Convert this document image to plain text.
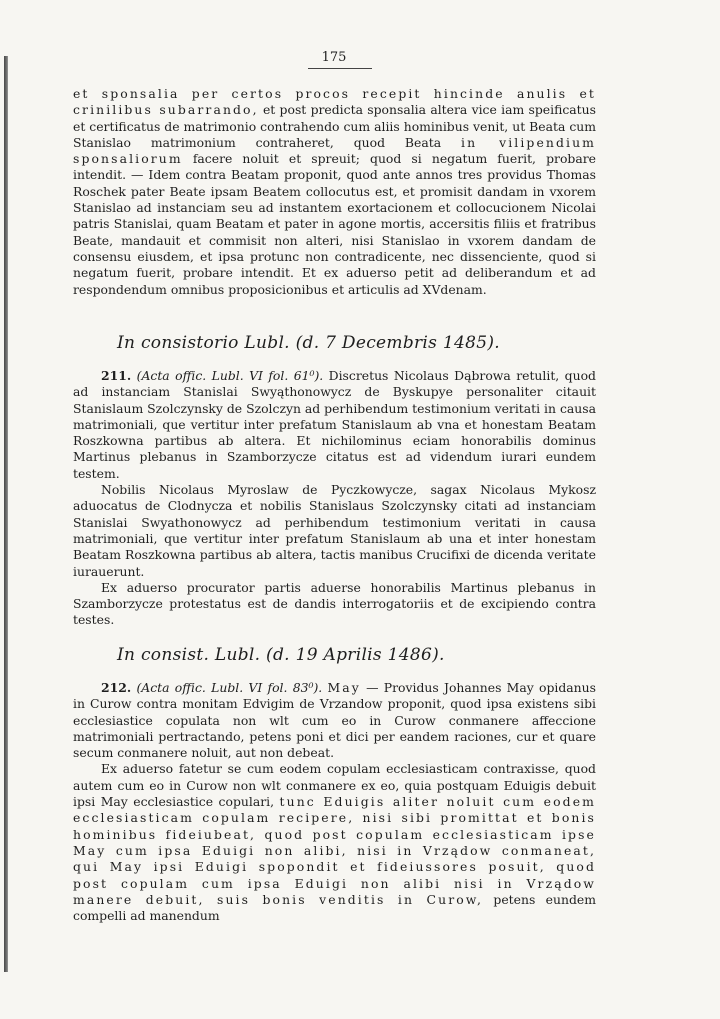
175

et sponsalia per certos procos recepit hincinde anulis et crinilibus subarrando, et post predicta sponsalia altera vice iam speificatus et certificatus de matrimonio contrahendo cum aliis hominibus venit, ut Beata cum Stanislao matrimonium contraheret, quod Beata in vilipendium sponsaliorum facere noluit et spreuit; quod si negatum fuerit, probare intendit. — Idem contra Beatam proponit, quod ante annos tres providus Thomas Roschek pater Beate ipsam Beatem collocutus est, et promisit dandam in vxorem Stanislao ad instanciam seu ad instantem exortacionem et collocucionem Nicolai patris Stanislai, quam Beatam et pater in agone mortis, accersitis filiis et fratribus Beate, mandauit et commisit non alteri, nisi Stanislao in vxorem dandam de consensu eiusdem, et ipsa protunc non contradicente, nec dissenciente, quod si negatum fuerit, probare intendit. Et ex aduerso petit ad deliberandum et ad respondendum omnibus proposicionibus et articulis ad XVdenam.

In consistorio Lubl. (d. 7 Decembris 1485).

211. (Acta offic. Lubl. VI fol. 61⁰). Discretus Nicolaus Dąbrowa retulit, quod ad instanciam Stanislai Swyąthonowycz de Byskupye personaliter citauit Stanislaum Szolczynsky de Szolczyn ad perhibendum testimonium veritati in causa matrimoniali, que vertitur inter prefatum Stanislaum ab vna et honestam Beatam Roszkowna partibus ab altera. Et nichilominus eciam honorabilis dominus Martinus plebanus in Szamborzycze citatus est ad videndum iurari eundem testem.

Nobilis Nicolaus Myroslaw de Pyczkowycze, sagax Nicolaus Mykosz aduocatus de Clodnycza et nobilis Stanislaus Szolczynsky citati ad instanciam Stanislai Swyathonowycz ad perhibendum testimonium veritati in causa matrimoniali, que vertitur inter prefatum Stanislaum ab una et inter honestam Beatam Roszkowna partibus ab altera, tactis manibus Crucifixi de dicenda veritate iurauerunt.

Ex aduerso procurator partis aduerse honorabilis Martinus plebanus in Szamborzycze protestatus est de dandis interrogatoriis et de excipiendo contra testes.

In consist. Lubl. (d. 19 Aprilis 1486).

212. (Acta offic. Lubl. VI fol. 83⁰). May — Providus Johannes May opidanus in Curow contra monitam Edvigim de Vrzandow proponit, quod ipsa existens sibi ecclesiastice copulata non wlt cum eo in Curow conmanere affeccione matrimoniali pertractando, petens poni et dici per eandem raciones, cur et quare secum conmanere noluit, aut non debeat.

Ex aduerso fatetur se cum eodem copulam ecclesiasticam contraxisse, quod autem cum eo in Curow non wlt conmanere ex eo, quia postquam Eduigis debuit ipsi May ecclesiastice copulari, tunc Eduigis aliter noluit cum eodem ecclesiasticam copulam recipere, nisi sibi promittat et bonis hominibus fideiubeat, quod post copulam ecclesiasticam ipse May cum ipsa Eduigi non alibi, nisi in Vrządow conmaneat, qui May ipsi Eduigi spopondit et fideiussores posuit, quod post copulam cum ipsa Eduigi non alibi nisi in Vrządow manere debuit, suis bonis venditis in Curow, petens eundem compelli ad manendum
